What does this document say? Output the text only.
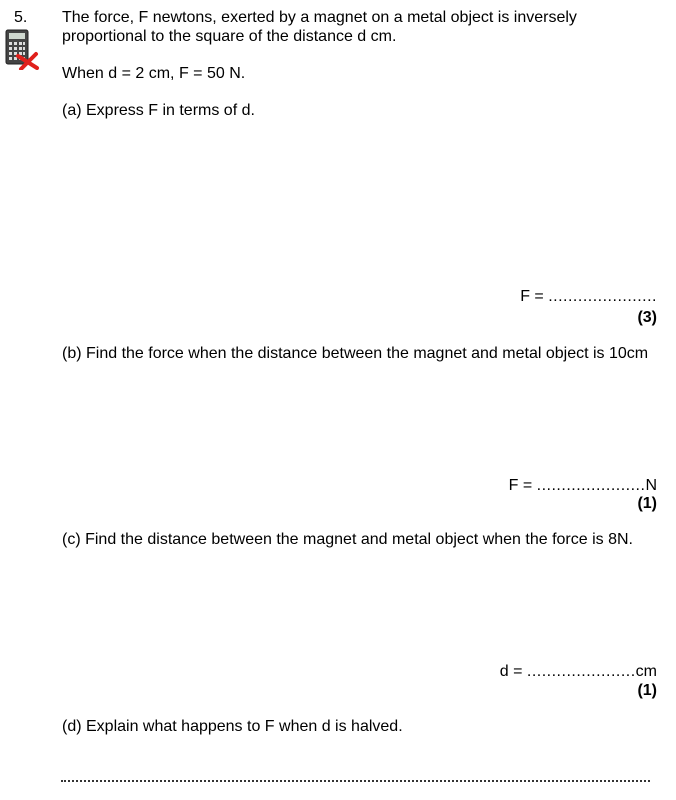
5. The force, F newtons, exerted by a magnet on a metal object is inversely
proportional to the square of the distance d cm.
When d = 2 cm, F = 50 N.
(a) Express F in terms of d.
F = ......................
(3)
(b) Find the force when the distance between the magnet and metal object is 10cm
F = ......................N
(1)
(c) Find the distance between the magnet and metal object when the force is 8N.
d = ......................cm
(1)
(d) Explain what happens to F when d is halved.
